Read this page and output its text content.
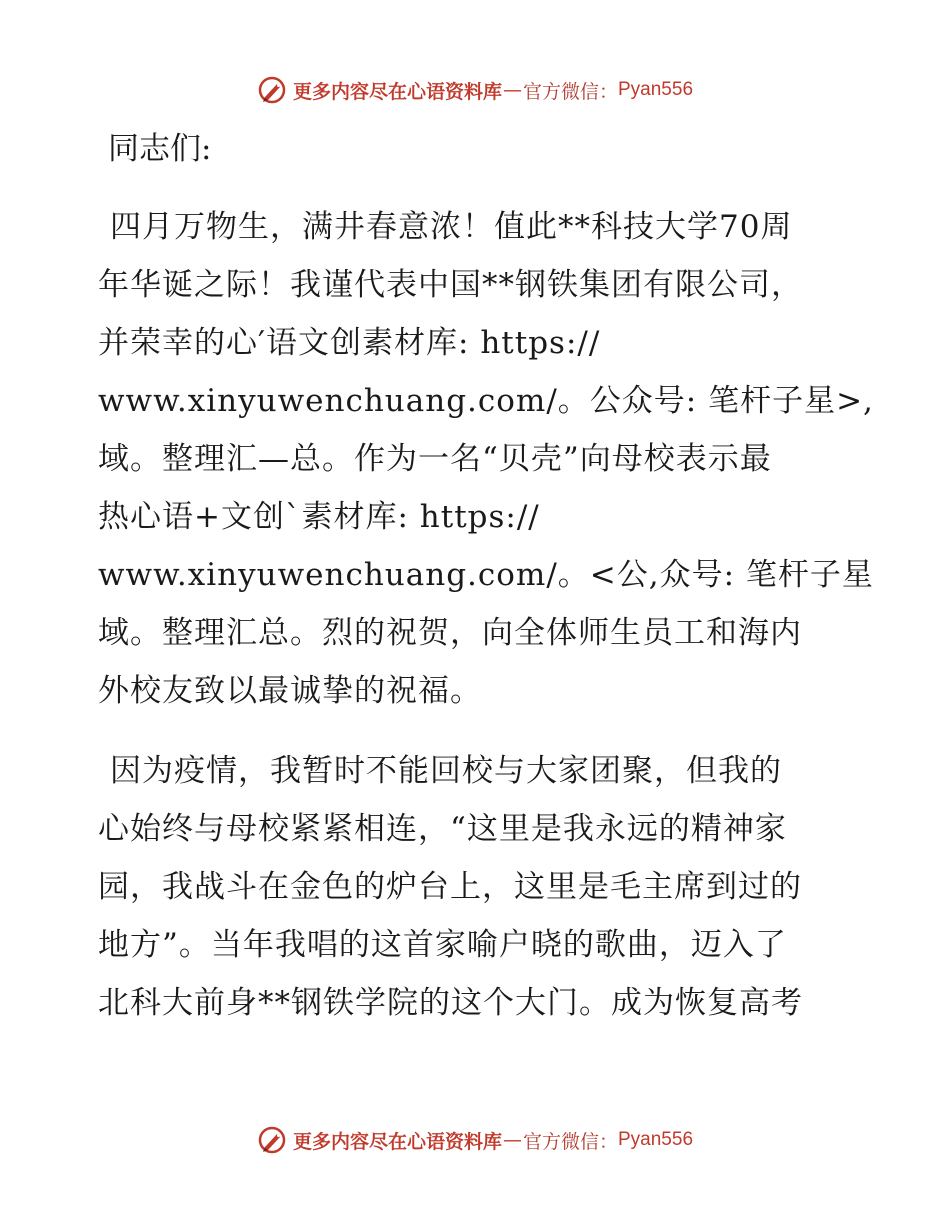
更多内容尽在心语资料库 — 官方微信： Pyan556
同志们:
四月万物生，满井春意浓！值此**科技大学70周
年华诞之际！我谨代表中国**钢铁集团有限公司，
并荣幸的心′语文创素材库: https://
www.xinyuwenchuang.com/。公众号: 笔杆子星>,
域。整理汇—总。作为一名“贝壳”向母校表示最
热心语+文创`素材库: https://
www.xinyuwenchuang.com/。<公,众号: 笔杆子星
域。整理汇总。烈的祝贺，向全体师生员工和海内
外校友致以最诚挚的祝福。
因为疫情，我暂时不能回校与大家团聚，但我的
心始终与母校紧紧相连，“这里是我永远的精神家
园，我战斗在金色的炉台上，这里是毛主席到过的
地方”。当年我唱的这首家喻户晓的歌曲，迈入了
北科大前身**钢铁学院的这个大门。成为恢复高考
更多内容尽在心语资料库 — 官方微信： Pyan556
